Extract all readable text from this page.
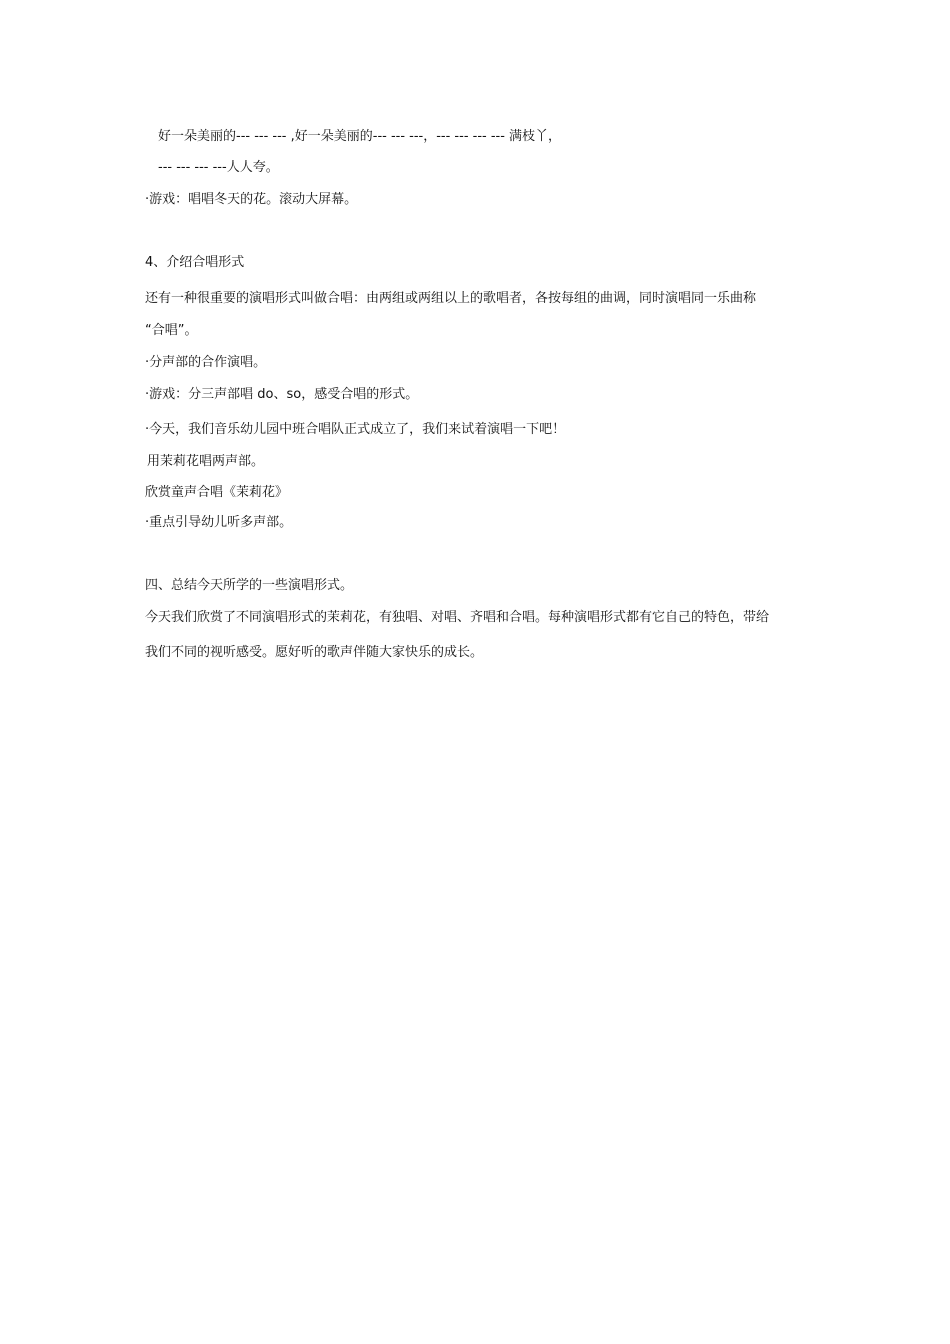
好一朵美丽的--- --- --- ,好一朵美丽的--- --- ---，--- --- --- --- 满枝丫，
--- --- --- ---人人夸。
·游戏：唱唱冬天的花。滚动大屏幕。
4、介绍合唱形式
还有一种很重要的演唱形式叫做合唱：由两组或两组以上的歌唱者，各按每组的曲调，同时演唱同一乐曲称
“合唱”。
·分声部的合作演唱。
·游戏：分三声部唱 do、so，感受合唱的形式。
·今天，我们音乐幼儿园中班合唱队正式成立了，我们来试着演唱一下吧！
用茉莉花唱两声部。
欣赏童声合唱《茉莉花》
·重点引导幼儿听多声部。
四、总结今天所学的一些演唱形式。
今天我们欣赏了不同演唱形式的茉莉花，有独唱、对唱、齐唱和合唱。每种演唱形式都有它自己的特色，带给
我们不同的视听感受。愿好听的歌声伴随大家快乐的成长。
